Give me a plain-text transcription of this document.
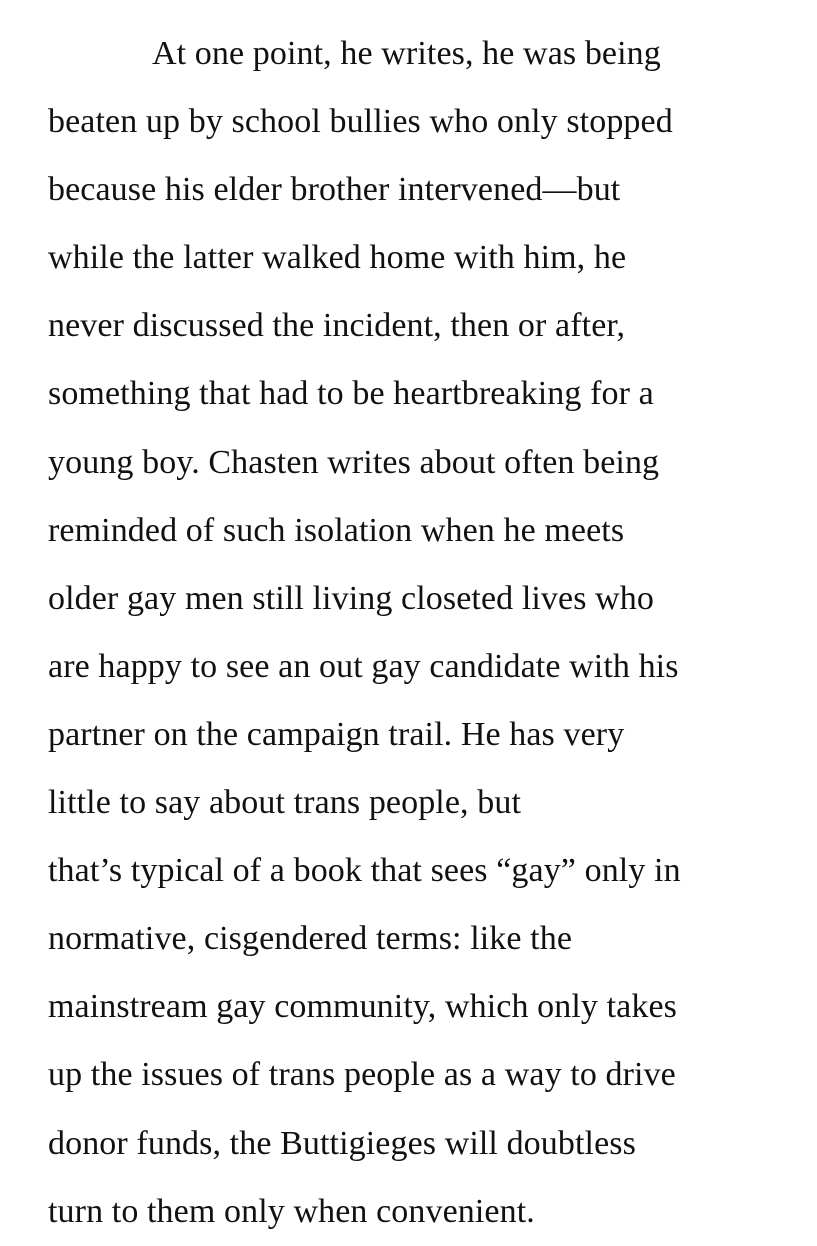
At one point, he writes, he was being
beaten up by school bullies who only stopped
because his elder brother intervened—but
while the latter walked home with him, he
never discussed the incident, then or after,
something that had to be heartbreaking for a
young boy. Chasten writes about often being
reminded of such isolation when he meets
older gay men still living closeted lives who
are happy to see an out gay candidate with his
partner on the campaign trail. He has very
little to say about trans people, but
that’s typical of a book that sees “gay” only in
normative, cisgendered terms: like the
mainstream gay community, which only takes
up the issues of trans people as a way to drive
donor funds, the Buttigieges will doubtless
turn to them only when convenient.
